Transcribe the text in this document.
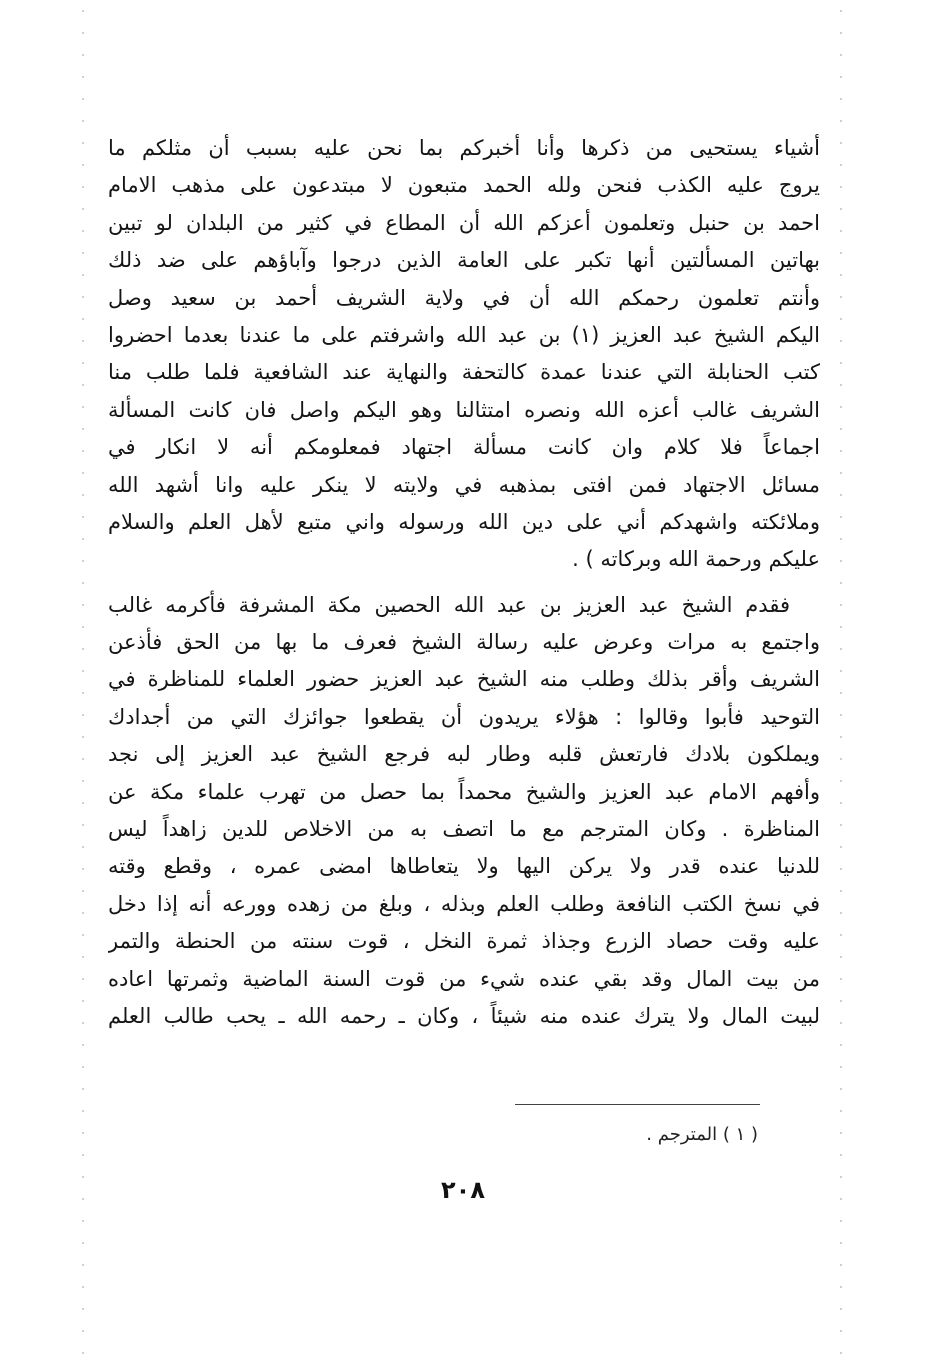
أشياء يستحيى من ذكرها وأنا أخبركم بما نحن عليه بسبب أن مثلكم ما
يروج عليه الكذب فنحن ولله الحمد متبعون لا مبتدعون على مذهب الامام
احمد بن حنبل وتعلمون أعزكم الله أن المطاع في كثير من البلدان لو تبين
بهاتين المسألتين أنها تكبر على العامة الذين درجوا وآباؤهم على ضد ذلك
وأنتم تعلمون رحمكم الله أن في ولاية الشريف أحمد بن سعيد وصل
اليكم الشيخ عبد العزيز (١) بن عبد الله واشرفتم على ما عندنا بعدما احضروا
كتب الحنابلة التي عندنا عمدة كالتحفة والنهاية عند الشافعية فلما طلب منا
الشريف غالب أعزه الله ونصره امتثالنا وهو اليكم واصل فان كانت المسألة
اجماعاً فلا كلام وان كانت مسألة اجتهاد فمعلومكم أنه لا انكار في
مسائل الاجتهاد فمن افتى بمذهبه في ولايته لا ينكر عليه وانا أشهد الله
وملائكته واشهدكم أني على دين الله ورسوله واني متبع لأهل العلم والسلام
عليكم ورحمة الله وبركاته ) .
فقدم الشيخ عبد العزيز بن عبد الله الحصين مكة المشرفة فأكرمه غالب
واجتمع به مرات وعرض عليه رسالة الشيخ فعرف ما بها من الحق فأذعن
الشريف وأقر بذلك وطلب منه الشيخ عبد العزيز حضور العلماء للمناظرة في
التوحيد فأبوا وقالوا : هؤلاء يريدون أن يقطعوا جوائزك التي من أجدادك
ويملكون بلادك فارتعش قلبه وطار لبه فرجع الشيخ عبد العزيز إلى نجد
وأفهم الامام عبد العزيز والشيخ محمداً بما حصل من تهرب علماء مكة عن
المناظرة . وكان المترجم مع ما اتصف به من الاخلاص للدين زاهداً ليس
للدنيا عنده قدر ولا يركن اليها ولا يتعاطاها امضى عمره ، وقطع وقته
في نسخ الكتب النافعة وطلب العلم وبذله ، وبلغ من زهده وورعه أنه إذا دخل
عليه وقت حصاد الزرع وجذاذ ثمرة النخل ، قوت سنته من الحنطة والتمر
من بيت المال وقد بقي عنده شيء من قوت السنة الماضية وثمرتها اعاده
لبيت المال ولا يترك عنده منه شيئاً ، وكان ـ رحمه الله ـ يحب طالب العلم
( ١ ) المترجم .
٢٠٨
